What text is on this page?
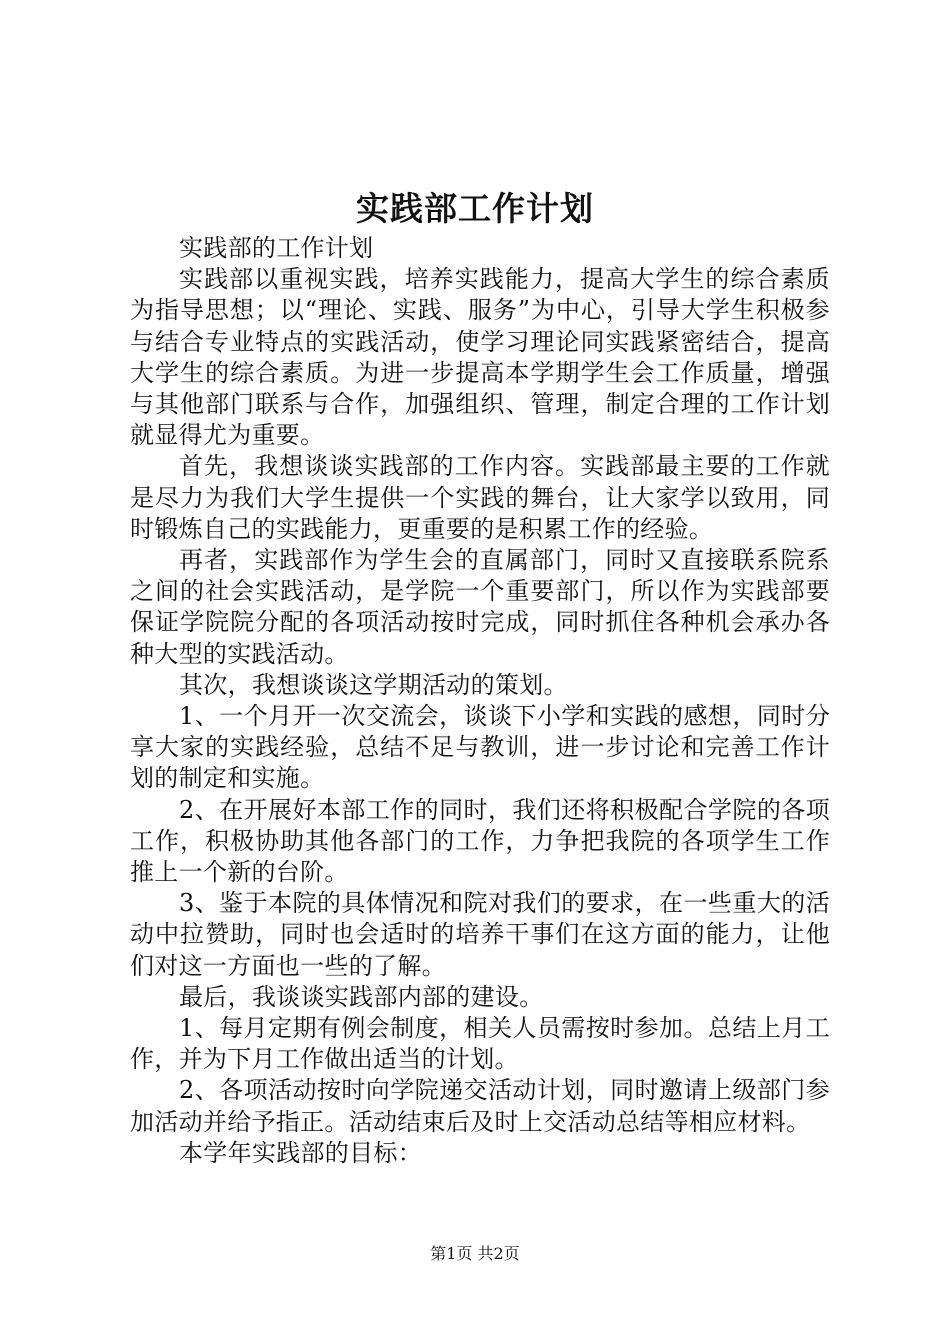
实践部工作计划

实践部的工作计划

实践部以重视实践，培养实践能力，提高大学生的综合素质为指导思想；以“理论、实践、服务”为中心，引导大学生积极参与结合专业特点的实践活动，使学习理论同实践紧密结合，提高大学生的综合素质。为进一步提高本学期学生会工作质量，增强与其他部门联系与合作，加强组织、管理，制定合理的工作计划就显得尤为重要。

首先，我想谈谈实践部的工作内容。实践部最主要的工作就是尽力为我们大学生提供一个实践的舞台，让大家学以致用，同时锻炼自己的实践能力，更重要的是积累工作的经验。

再者，实践部作为学生会的直属部门，同时又直接联系院系之间的社会实践活动，是学院一个重要部门，所以作为实践部要保证学院院分配的各项活动按时完成，同时抓住各种机会承办各种大型的实践活动。

其次，我想谈谈这学期活动的策划。

1、一个月开一次交流会，谈谈下小学和实践的感想，同时分享大家的实践经验，总结不足与教训，进一步讨论和完善工作计划的制定和实施。

2、在开展好本部工作的同时，我们还将积极配合学院的各项工作，积极协助其他各部门的工作，力争把我院的各项学生工作推上一个新的台阶。

3、鉴于本院的具体情况和院对我们的要求，在一些重大的活动中拉赞助，同时也会适时的培养干事们在这方面的能力，让他们对这一方面也一些的了解。

最后，我谈谈实践部内部的建设。

1、每月定期有例会制度，相关人员需按时参加。总结上月工作，并为下月工作做出适当的计划。

2、各项活动按时向学院递交活动计划，同时邀请上级部门参加活动并给予指正。活动结束后及时上交活动总结等相应材料。

本学年实践部的目标：

第1页 共2页
